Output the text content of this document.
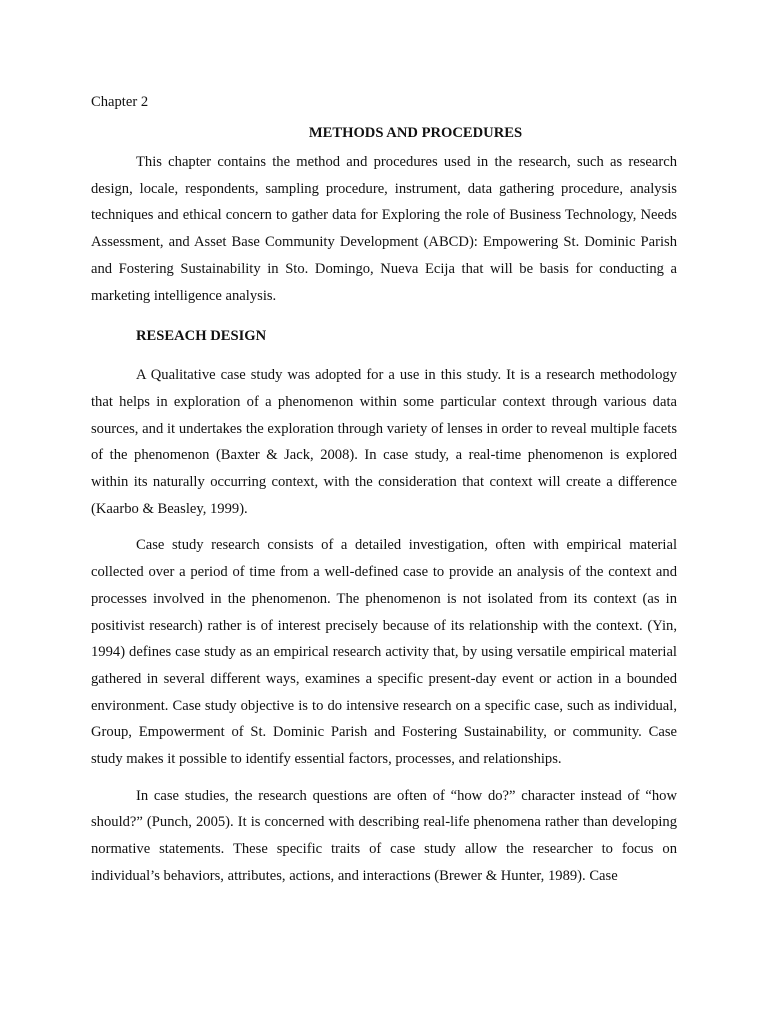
Chapter 2
METHODS AND PROCEDURES

This chapter contains the method and procedures used in the research, such as research design, locale, respondents, sampling procedure, instrument, data gathering procedure, analysis techniques and ethical concern to gather data for Exploring the role of Business Technology, Needs Assessment, and Asset Base Community Development (ABCD): Empowering St. Dominic Parish and Fostering Sustainability in Sto. Domingo, Nueva Ecija that will be basis for conducting a marketing intelligence analysis.

RESEACH DESIGN

A Qualitative case study was adopted for a use in this study. It is a research methodology that helps in exploration of a phenomenon within some particular context through various data sources, and it undertakes the exploration through variety of lenses in order to reveal multiple facets of the phenomenon (Baxter & Jack, 2008). In case study, a real-time phenomenon is explored within its naturally occurring context, with the consideration that context will create a difference (Kaarbo & Beasley, 1999).

Case study research consists of a detailed investigation, often with empirical material collected over a period of time from a well-defined case to provide an analysis of the context and processes involved in the phenomenon. The phenomenon is not isolated from its context (as in positivist research) rather is of interest precisely because of its relationship with the context. (Yin, 1994) defines case study as an empirical research activity that, by using versatile empirical material gathered in several different ways, examines a specific present-day event or action in a bounded environment. Case study objective is to do intensive research on a specific case, such as individual, Group, Empowerment of St. Dominic Parish and Fostering Sustainability, or community. Case study makes it possible to identify essential factors, processes, and relationships.

In case studies, the research questions are often of “how do?” character instead of “how should?” (Punch, 2005). It is concerned with describing real-life phenomena rather than developing normative statements. These specific traits of case study allow the researcher to focus on individual’s behaviors, attributes, actions, and interactions (Brewer & Hunter, 1989). Case
